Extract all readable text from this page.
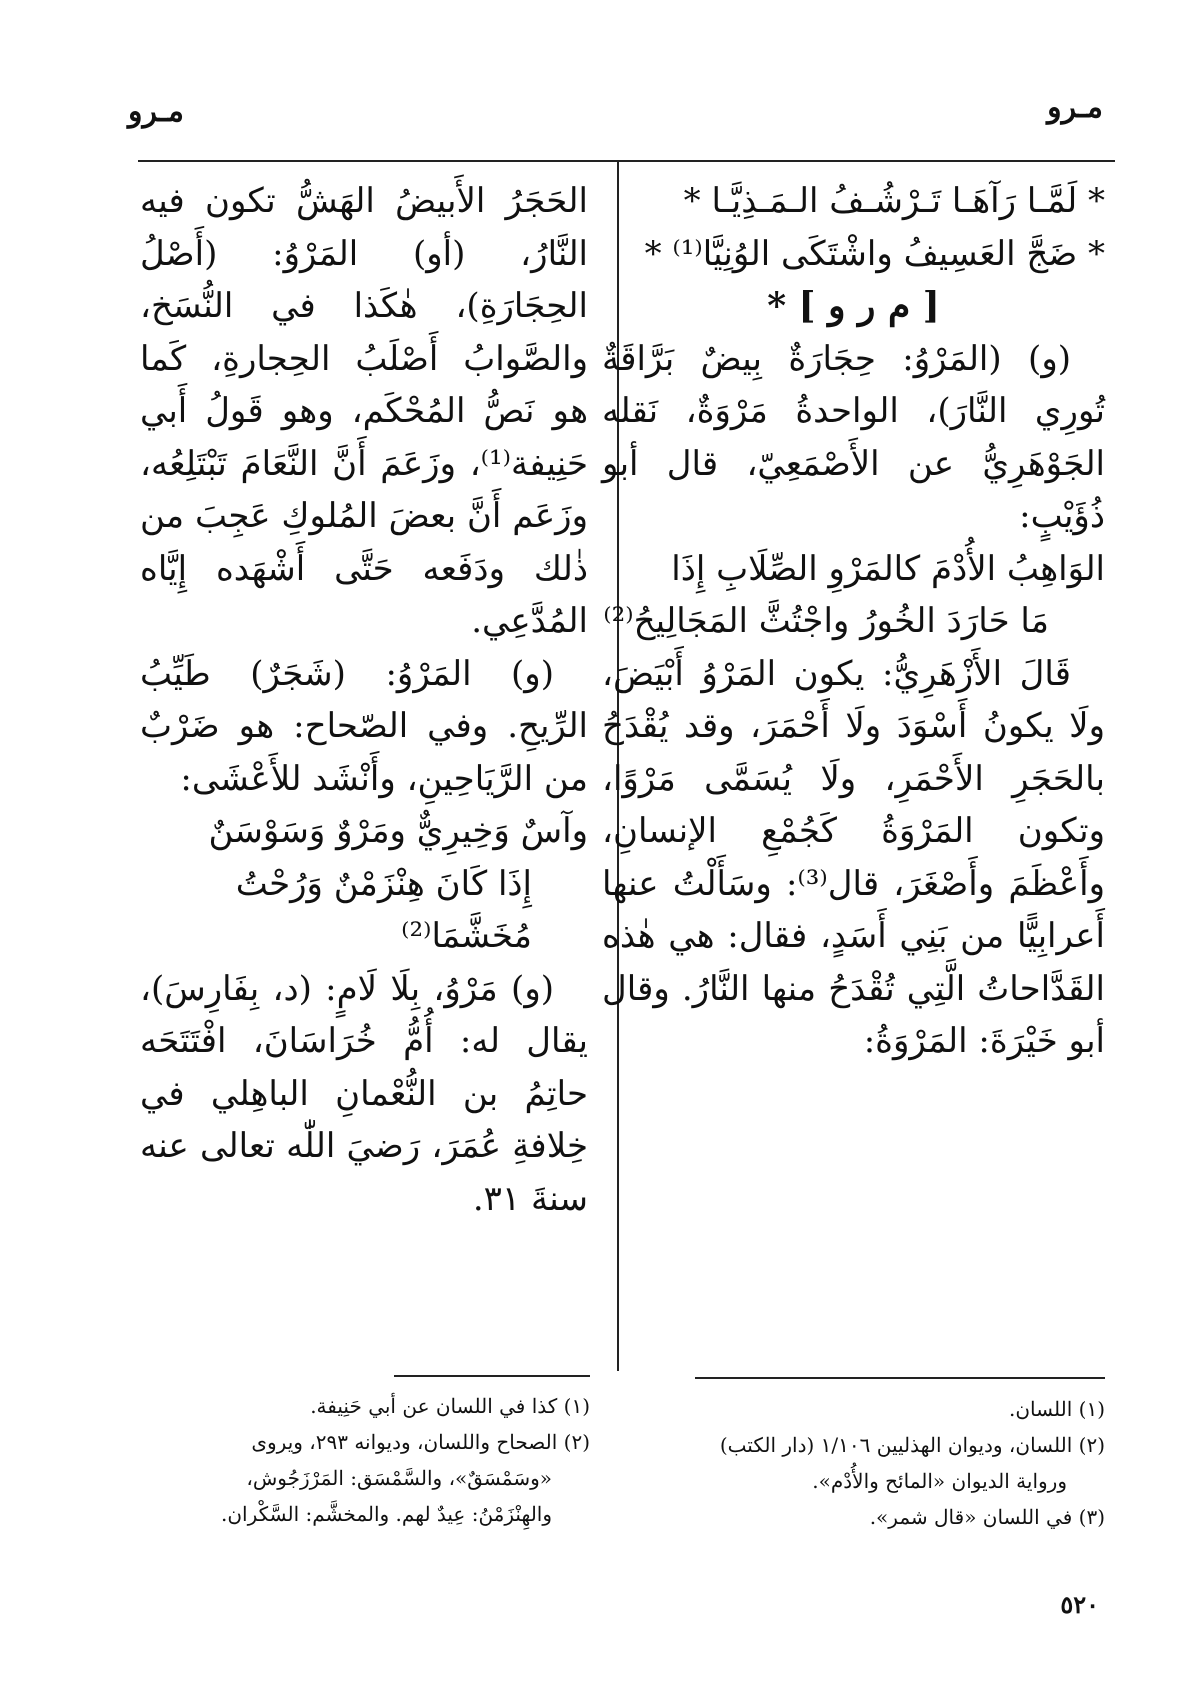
مـرو
مـرو

* لَمَّـا رَآهَـا تَـرْشُـفُ الـمَـذِيَّـا *

* ضَجَّ العَسِيفُ واشْتَكَى الوُنِيَّا⁽¹⁾ *

[ م ر و ] *

(و) (المَرْوُ: حِجَارَةٌ بِيضٌ بَرَّاقَةٌ تُورِي النَّارَ)، الواحدةُ مَرْوَةٌ، نَقله الجَوْهَرِيُّ عن الأَصْمَعِيّ، قال أبو ذُؤَيْبٍ:

الوَاهِبُ الأُدْمَ كالمَرْوِ الصِّلَابِ إِذَا

مَا حَارَدَ الخُورُ واجْتُثَّ المَجَالِيحُ⁽²⁾

قَالَ الأَزْهَرِيُّ: يكون المَرْوُ أَبْيَضَ، ولَا يكونُ أَسْوَدَ ولَا أَحْمَرَ، وقد يُقْدَحُ بالحَجَرِ الأَحْمَرِ، ولَا يُسَمَّى مَرْوًا، وتكون المَرْوَةُ كَجُمْعِ الإنسانِ، وأَعْظَمَ وأَصْغَرَ، قال⁽³⁾: وسَأَلْتُ عنها أَعرابِيًّا من بَنِي أَسَدٍ، فقال: هي هٰذه القَدَّاحاتُ الَّتِي تُقْدَحُ منها النَّارُ. وقال أبو خَيْرَةَ: المَرْوَةُ:

الحَجَرُ الأَبيضُ الهَشُّ تكون فيه النَّارُ، (أو) المَرْوُ: (أَصْلُ الحِجَارَةِ)، هٰكَذا في النُّسَخ، والصَّوابُ أَصْلَبُ الحِجارةِ، كَما هو نَصُّ المُحْكَم، وهو قَولُ أَبي حَنِيفة⁽¹⁾، وزَعَمَ أَنَّ النَّعَامَ تَبْتَلِعُه، وزَعَم أَنَّ بعضَ المُلوكِ عَجِبَ من ذٰلك ودَفَعه حَتَّى أَشْهَده إِيَّاه المُدَّعِي.

(و) المَرْوُ: (شَجَرٌ) طَيِّبُ الرِّيحِ. وفي الصّحاح: هو ضَرْبٌ من الرَّيَاحِينِ، وأَنْشَد للأَعْشَى:

وآسٌ وَخِيرِيٌّ ومَرْوٌ وَسَوْسَنٌ

إِذَا كَانَ هِنْزَمْنٌ وَرُحْتُ مُخَشَّمَا⁽²⁾

(و) مَرْوُ، بِلَا لَامٍ: (د، بِفَارِسَ)، يقال له: أُمُّ خُرَاسَانَ، افْتَتَحَه حاتِمُ بن النُّعْمانِ الباهِلي في خِلافةِ عُمَرَ، رَضيَ اللّٰه تعالى عنه سنةَ ٣١.

(١) اللسان.

(٢) اللسان، وديوان الهذليين ١/١٠٦ (دار الكتب)

ورواية الديوان «المائح والأُدْم».

(٣) في اللسان «قال شمر».

(١) كذا في اللسان عن أبي حَنِيفة.

(٢) الصحاح واللسان، وديوانه ٢٩٣، ويروى

«وسَمْسَقٌ»، والسَّمْسَق: المَرْزَجُوش،

والهِنْزَمْنُ: عِيدٌ لهم. والمخشَّم: السَّكْران.

٥٢٠
